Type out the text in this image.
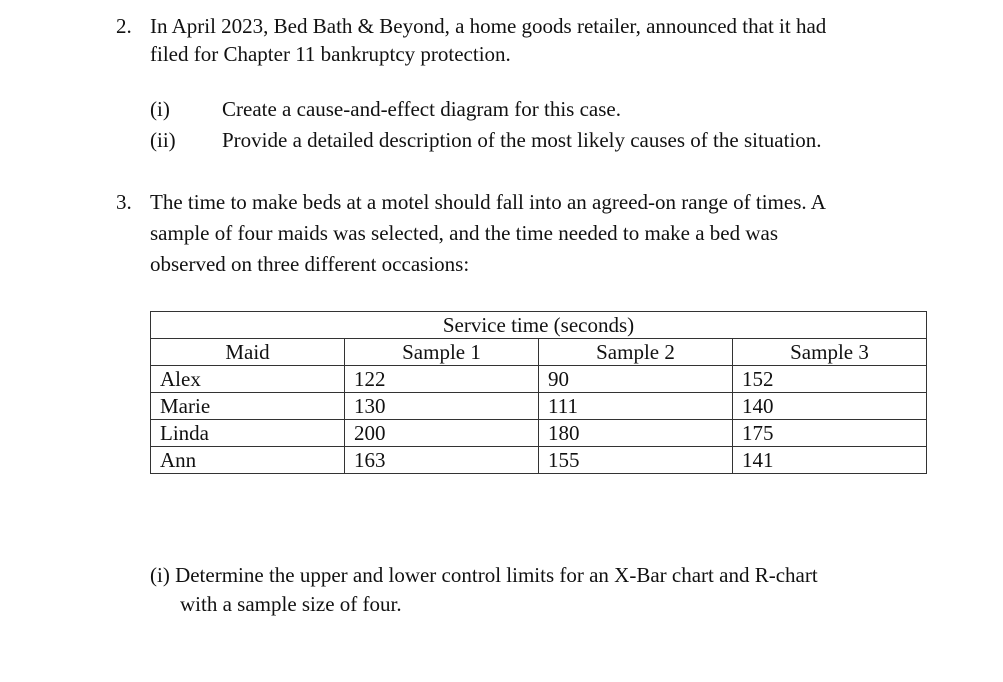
2. In April 2023, Bed Bath & Beyond, a home goods retailer, announced that it had
filed for Chapter 11 bankruptcy protection.
(i) Create a cause-and-effect diagram for this case.
(ii) Provide a detailed description of the most likely causes of the situation.
3. The time to make beds at a motel should fall into an agreed-on range of times. A
sample of four maids was selected, and the time needed to make a bed was
observed on three different occasions:
Service time (seconds)			
Maid	Sample 1	Sample 2	Sample 3
Alex	122	90	152
Marie	130	111	140
Linda	200	180	175
Ann	163	155	141
(i) Determine the upper and lower control limits for an X-Bar chart and R-chart
with a sample size of four.
